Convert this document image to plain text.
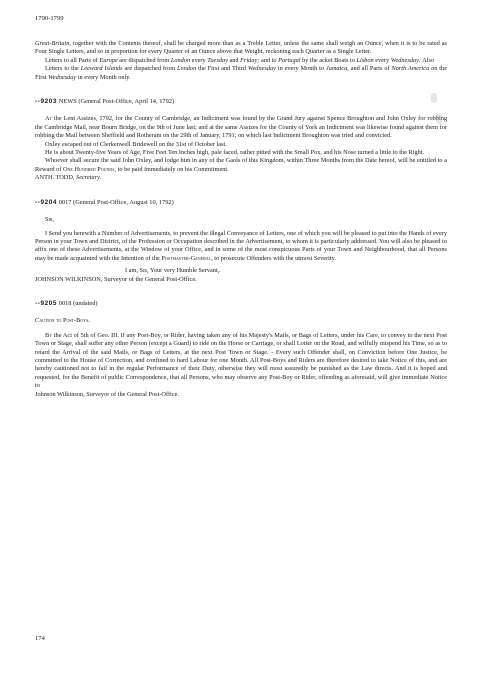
1790-1799

Great-Britain, together with the Contents thereof, shall be charged more than as a Treble Letter, unless the same shall weigh an Ounce, when it is to be rated as Four Single Letters, and so in proportion for every Quarter of an Ounce above that Weight, reckoning each Quarter as a Single Letter.

Letters to all Parts of Europe are dispatched from London every Tuesday and Friday; and to Portugal by the acket Boats to Lisbon every Wednesday: Also

Letters to the Leeward Islands are dispatched from London the First and Third Wednesday in every Month to Jamaica, and all Parts of North America on the First Wednesday in every Month only.

--9203 NEWS (General Post-Office, April 14, 1792)

At the Lent Assizes, 1792, for the County of Cambridge, an Indictment was found by the Grand Jury against Spence Broughton and John Oxley for robbing the Cambridge Mail, near Bourn Bridge, on the 9th of June last; and at the same Assizes for the County of York an Indictment was likewise found against them for robbing the Mail between Sheffield and Rotheram on the 29th of January, 1791; on which last Indictment Broughton was tried and convicted.

Oxley escaped out of Clerkenwell Bridewell on the 31st of October last.

He is about Twenty-five Years of Age, Five Feet Ten Inches high, pale faced, rather pitted with the Small Pox, and his Nose turned a little to the Right.

Whoever shall secure the said John Oxley, and lodge him in any of the Gaols of this Kingdom, within Three Months from the Date hereof, will be entitled to a Reward of One Hundred Pounds, to be paid immediately on his Commitment.

ANTH. TODD, Secretary.

--9204 0017 (General Post-Office, August 10, 1792)

Sir,

I Send you herewith a Number of Advertisements, to prevent the illegal Conveyance of Letters, one of which you will be pleased to put into the Hands of every Person in your Town and District, of the Profession or Occupation described in the Advertisement, to whom it is particularly addressed. You will also be pleased to affix one of these Advertisements, at the Window of your Office, and in some of the most conspicuous Parts of your Town and Neighbourhood, that all Persons may be made acquainted with the Intention of the Postmaster-General, to prosecute Offenders with the utmost Severity.

I am, Sir, Your very Humble Servant,.

JOHNSON WILKINSON, Surveyor of the General Post-Office.

--9205 0018 (undated)

Caution to Post-Boys.

By the Act of 5th of Geo. III. If any Post-Boy, or Rider, having taken any of his Majesty's Mails, or Bags of Letters, under his Care, to convey to the next Post Town or Stage, shall suffer any other Person (except a Guard) to ride on the Horse or Carriage, or shall Loiter on the Road, and wilfully mispend his Time, so as to retard the Arrival of the said Mails, or Bags of Letters, at the next Post Town or Stage. - Every such Offender shall, on Conviction before One Justice, be committed to the House of Correction, and confined to hard Labour for one Month. All Post-Boys and Riders are therefore desired to take Notice of this, and are hereby cautioned not to fail in the regular Performance of their Duty, otherwise they will most assuredly be punished as the Law directs. And it is hoped and requested, for the Benefit of public Correspondence, that all Persons, who may observe any Post-Boy or Rider, offending as aforesaid, will give immediate Notice to

Johnson Wilkinson, Surveyor of the General Post-Office.

174
